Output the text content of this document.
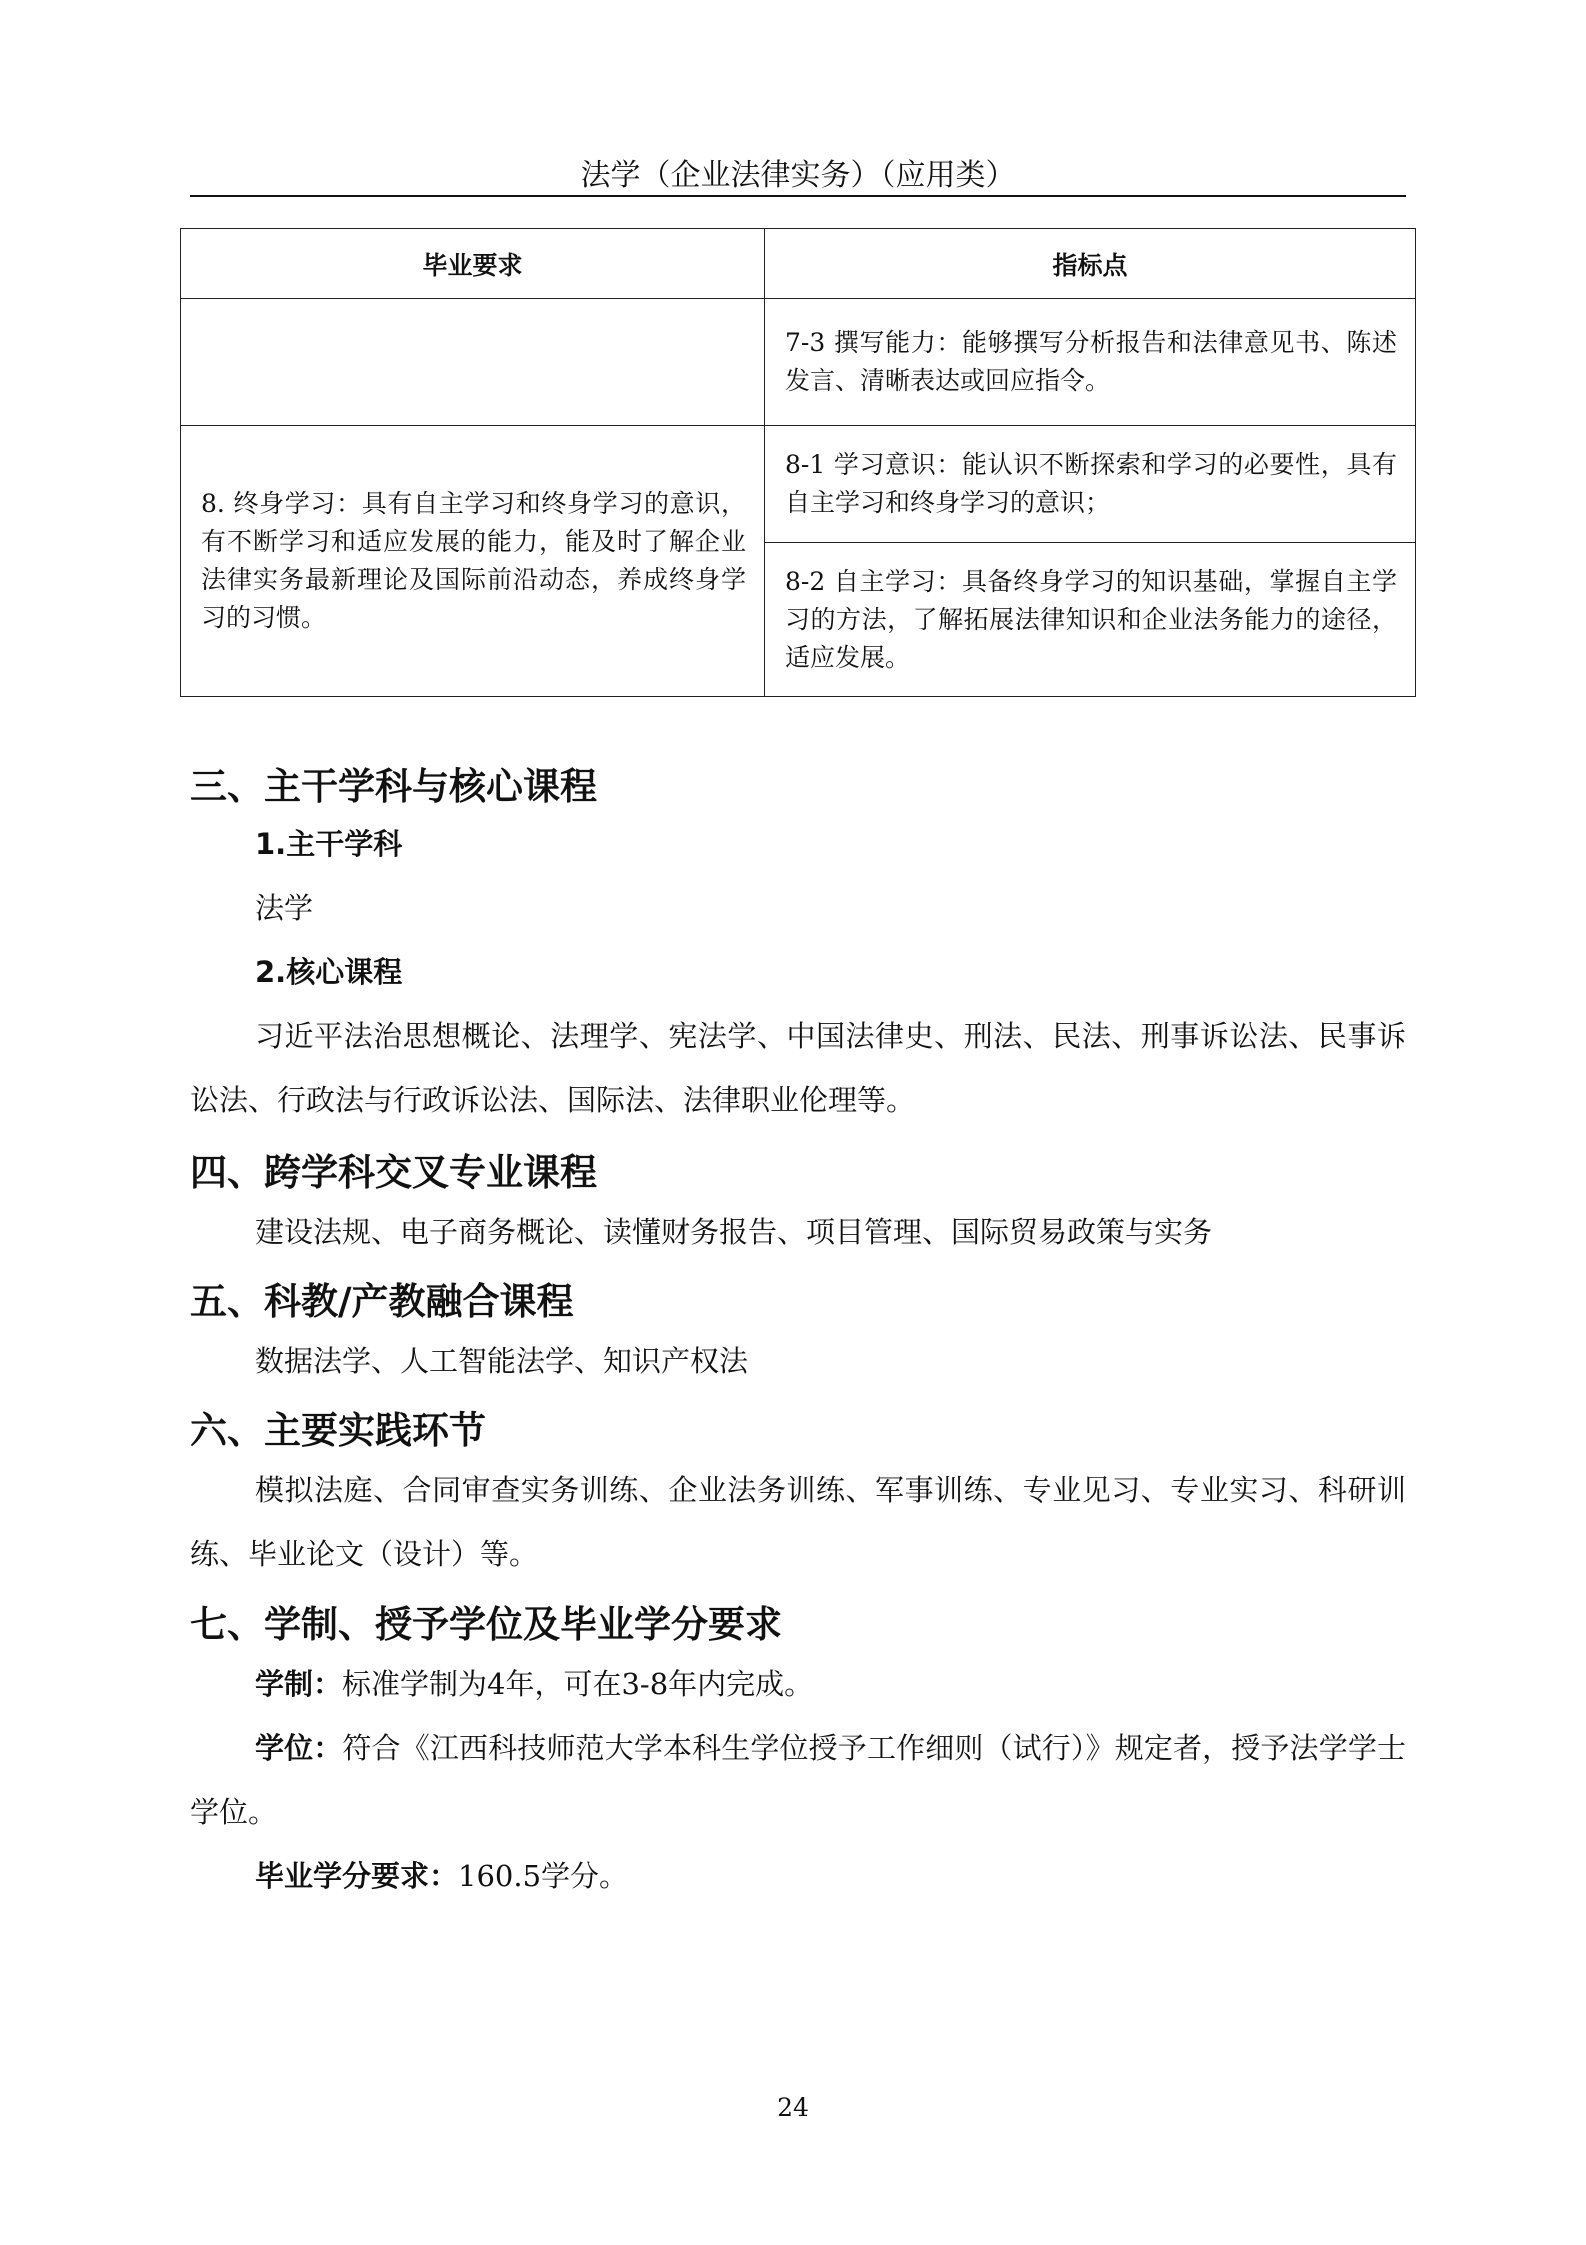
法学（企业法律实务）（应用类）
毕业要求	指标点
	7-3 撰写能力：能够撰写分析报告和法律意见书、陈述发言、清晰表达或回应指令。
8. 终身学习：具有自主学习和终身学习的意识，有不断学习和适应发展的能力，能及时了解企业法律实务最新理论及国际前沿动态，养成终身学习的习惯。	8-1 学习意识：能认识不断探索和学习的必要性，具有自主学习和终身学习的意识；
	8-2 自主学习：具备终身学习的知识基础，掌握自主学习的方法，了解拓展法律知识和企业法务能力的途径，适应发展。
三、主干学科与核心课程
1.主干学科
法学
2.核心课程
习近平法治思想概论、法理学、宪法学、中国法律史、刑法、民法、刑事诉讼法、民事诉讼法、行政法与行政诉讼法、国际法、法律职业伦理等。
四、跨学科交叉专业课程
建设法规、电子商务概论、读懂财务报告、项目管理、国际贸易政策与实务
五、科教/产教融合课程
数据法学、人工智能法学、知识产权法
六、主要实践环节
模拟法庭、合同审查实务训练、企业法务训练、军事训练、专业见习、专业实习、科研训练、毕业论文（设计）等。
七、学制、授予学位及毕业学分要求
学制：标准学制为4年，可在3-8年内完成。
学位：符合《江西科技师范大学本科生学位授予工作细则（试行）》规定者，授予法学学士学位。
毕业学分要求：160.5学分。
24
